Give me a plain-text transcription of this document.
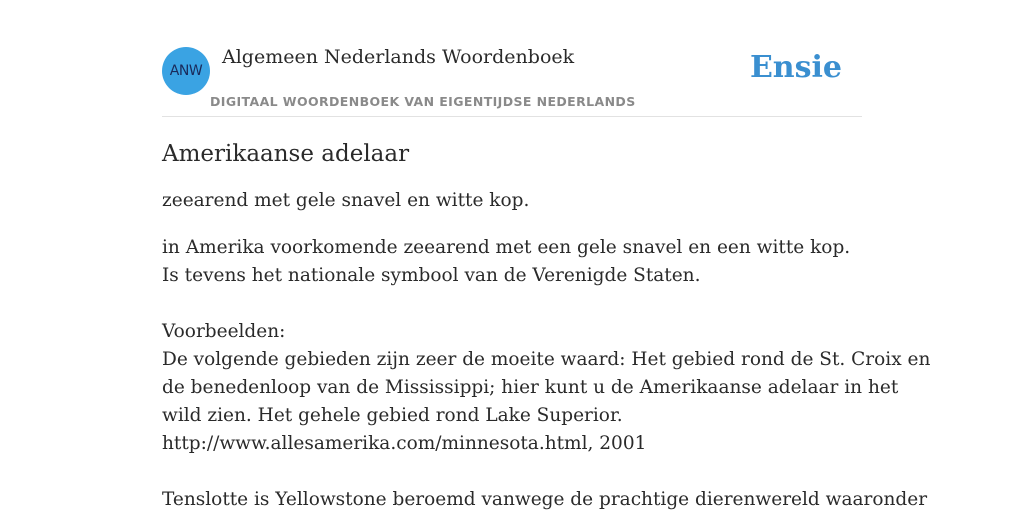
ANW
Algemeen Nederlands Woordenboek
DIGITAAL WOORDENBOEK VAN EIGENTIJDSE NEDERLANDS
Ensie
Amerikaanse adelaar

zeearend met gele snavel en witte kop.

in Amerika voorkomende zeearend met een gele snavel en een witte kop.
Is tevens het nationale symbool van de Verenigde Staten.
Voorbeelden:
De volgende gebieden zijn zeer de moeite waard: Het gebied rond de St. Croix en
de benedenloop van de Mississippi; hier kunt u de Amerikaanse adelaar in het
wild zien. Het gehele gebied rond Lake Superior.
http://www.allesamerika.com/minnesota.html, 2001
Tenslotte is Yellowstone beroemd vanwege de prachtige dierenwereld waaronder
